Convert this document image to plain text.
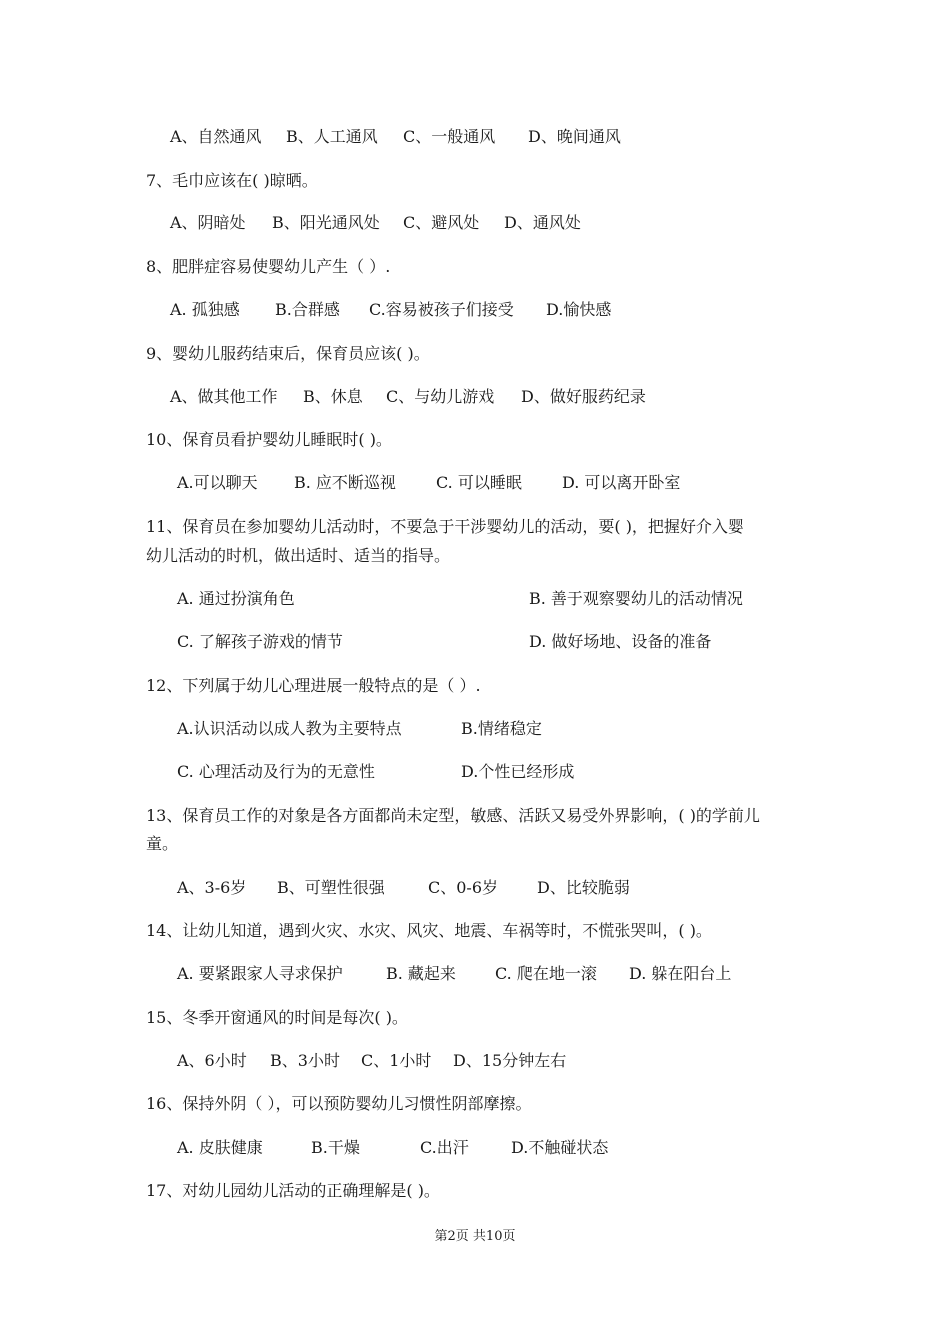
A、自然通风 B、人工通风 C、一般通风 D、晚间通风
7、毛巾应该在( )晾晒。
A、阴暗处 B、阳光通风处 C、避风处 D、通风处
8、肥胖症容易使婴幼儿产生（ ）.
A. 孤独感 B.合群感 C.容易被孩子们接受 D.愉快感
9、婴幼儿服药结束后，保育员应该( )。
A、做其他工作 B、休息 C、与幼儿游戏 D、做好服药纪录
10、保育员看护婴幼儿睡眠时( )。
A.可以聊天 B. 应不断巡视	C. 可以睡眠	D. 可以离开卧室
11、保育员在参加婴幼儿活动时，不要急于干涉婴幼儿的活动，要( )，把握好介入婴
幼儿活动的时机，做出适时、适当的指导。
A. 通过扮演角色	B. 善于观察婴幼儿的活动情况
C. 了解孩子游戏的情节	D. 做好场地、设备的准备
12、下列属于幼儿心理进展一般特点的是（ ）.
A.认识活动以成人教为主要特点	B.情绪稳定
C. 心理活动及行为的无意性	D.个性已经形成
13、保育员工作的对象是各方面都尚未定型，敏感、活跃又易受外界影响，( )的学前儿
童。
A、3-6岁 B、可塑性很强	C、0-6岁 D、比较脆弱
14、让幼儿知道，遇到火灾、水灾、风灾、地震、车祸等时，不慌张哭叫，( )。
A. 要紧跟家人寻求保护	B. 藏起来 C. 爬在地一滚 D. 躲在阳台上
15、冬季开窗通风的时间是每次( )。
A、6小时 B、3小时 C、1小时 D、15分钟左右
16、保持外阴（ ），可以预防婴幼儿习惯性阴部摩擦。
A. 皮肤健康	B.干燥	C.出汗	D.不触碰状态
17、对幼儿园幼儿活动的正确理解是( )。
第2页 共10页
